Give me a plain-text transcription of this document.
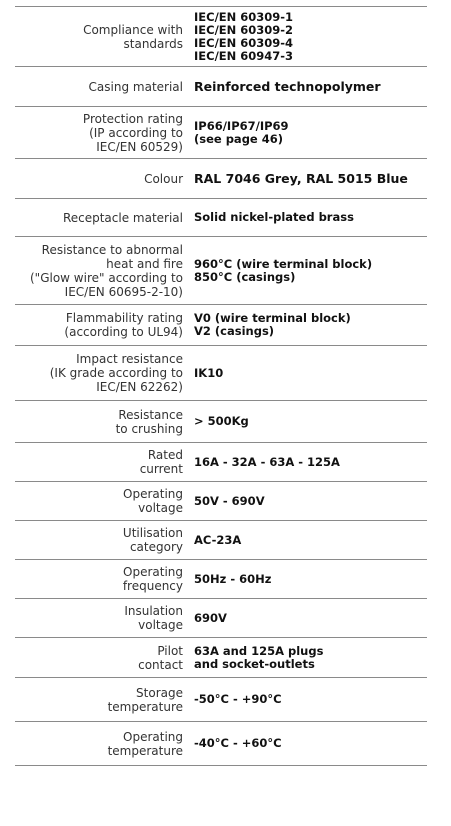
Compliance with
standards
IEC/EN 60309-1
IEC/EN 60309-2
IEC/EN 60309-4
IEC/EN 60947-3
Casing material Reinforced technopolymer
Protection rating
(IP according to
IEC/EN 60529)
IP66/IP67/IP69
(see page 46)
Colour RAL 7046 Grey, RAL 5015 Blue
Receptacle material Solid nickel-plated brass
Resistance to abnormal
heat and fire
("Glow wire" according to
IEC/EN 60695-2-10)
960°C (wire terminal block)
850°C (casings)
Flammability rating
(according to UL94)
V0 (wire terminal block)
V2 (casings)
Impact resistance
(IK grade according to
IEC/EN 62262)
IK10
Resistance
to crushing
> 500Kg
Rated
current
16A - 32A - 63A - 125A
Operating
voltage
50V - 690V
Utilisation
category
AC-23A
Operating
frequency
50Hz - 60Hz
Insulation
voltage
690V
Pilot
contact
63A and 125A plugs
and socket-outlets
Storage
temperature
-50°C - +90°C
Operating
temperature
-40°C - +60°C
